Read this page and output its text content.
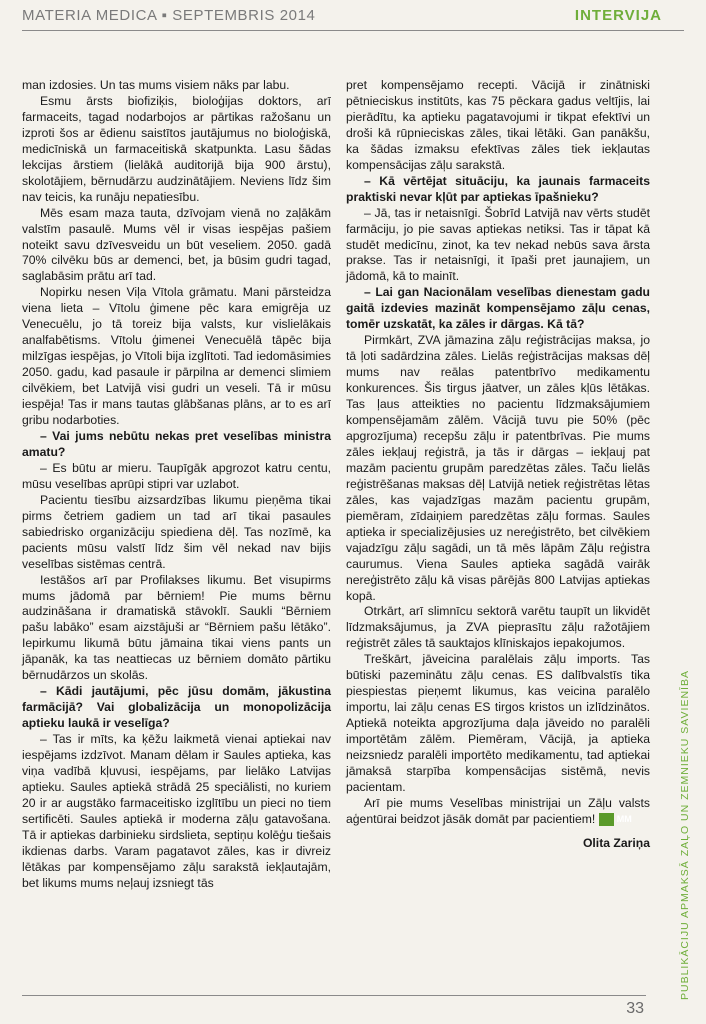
MATERIA MEDICA ▪ SEPTEMBRIS 2014	INTERVIJA

man izdosies. Un tas mums visiem nāks par labu.

Esmu ārsts biofiziķis, bioloģijas doktors, arī farmaceits, tagad nodarbojos ar pārtikas ražošanu un izproti šos ar ēdienu saistītos jautājumus no bioloģiskā, medicīniskā un farmaceitiskā skatpunkta. Lasu šādas lekcijas ārstiem (lielākā auditorijā bija 900 ārstu), skolotājiem, bērnudārzu audzinātājiem. Neviens līdz šim nav teicis, ka runāju nepatiesību.

Mēs esam maza tauta, dzīvojam vienā no zaļākām valstīm pasaulē. Mums vēl ir visas iespējas pašiem noteikt savu dzīvesveidu un būt veseliem. 2050. gadā 70% cilvēku būs ar demenci, bet, ja būsim gudri tagad, saglabāsim prātu arī tad.

Nopirku nesen Viļa Vītola grāmatu. Mani pārsteidza viena lieta – Vītolu ģimene pēc kara emigrēja uz Venecuēlu, jo tā toreiz bija valsts, kur vislielākais analfabētisms. Vītolu ģimenei Venecuēlā tāpēc bija milzīgas iespējas, jo Vītoli bija izglītoti. Tad iedomāsimies 2050. gadu, kad pasaule ir pārpilna ar demenci slimiem cilvēkiem, bet Latvijā visi gudri un veseli. Tā ir mūsu iespēja! Tas ir mans tautas glābšanas plāns, ar to es arī gribu nodarboties.

– Vai jums nebūtu nekas pret veselības ministra amatu?

– Es būtu ar mieru. Taupīgāk apgrozot katru centu, mūsu veselības aprūpi stipri var uzlabot.

Pacientu tiesību aizsardzības likumu pieņēma tikai pirms četriem gadiem un tad arī tikai pasaules sabiedrisko organizāciju spiediena dēļ. Tas nozīmē, ka pacients mūsu valstī līdz šim vēl nekad nav bijis veselības sistēmas centrā.

Iestāšos arī par Profilakses likumu. Bet visupirms mums jādomā par bērniem! Pie mums bērnu audzināšana ir dramatiskā stāvoklī. Saukli “Bērniem pašu labāko” esam aizstājuši ar “Bērniem pašu lētāko”. Iepirkumu likumā būtu jāmaina tikai viens pants un jāpanāk, ka tas neattiecas uz bērniem domāto pārtiku bērnudārzos un skolās.

– Kādi jautājumi, pēc jūsu domām, jākustina farmācijā? Vai globalizācija un monopolizācija aptieku laukā ir veselīga?

– Tas ir mīts, ka ķēžu laikmetā vienai aptiekai nav iespējams izdzīvot. Manam dēlam ir Saules aptieka, kas viņa vadībā kļuvusi, iespējams, par lielāko Latvijas aptieku. Saules aptiekā strādā 25 speciālisti, no kuriem 20 ir ar augstāko farmaceitisko izglītību un pieci no tiem sertificēti. Saules aptiekā ir moderna zāļu gatavošana. Tā ir aptiekas darbinieku sirdslieta, septiņu kolēģu tiešais ikdienas darbs. Varam pagatavot zāles, kas ir divreiz lētākas par kompensējamo zāļu sarakstā iekļautajām, bet likums mums neļauj izsniegt tās

pret kompensējamo recepti. Vācijā ir zinātniski pētnieciskus institūts, kas 75 pēckara gadus veltījis, lai pierādītu, ka aptieku pagatavojumi ir tikpat efektīvi un droši kā rūpnieciskas zāles, tikai lētāki. Gan panākšu, ka šādas izmaksu efektīvas zāles tiek iekļautas kompensācijas zāļu sarakstā.

– Kā vērtējat situāciju, ka jaunais farmaceits praktiski nevar kļūt par aptiekas īpašnieku?

– Jā, tas ir netaisnīgi. Šobrīd Latvijā nav vērts studēt farmāciju, jo pie savas aptiekas netiksi. Tas ir tāpat kā studēt medicīnu, zinot, ka tev nekad nebūs sava ārsta prakse. Tas ir netaisnīgi, it īpaši pret jaunajiem, un jādomā, kā to mainīt.

– Lai gan Nacionālam veselības dienestam gadu gaitā izdevies mazināt kompensējamo zāļu cenas, tomēr uzskatāt, ka zāles ir dārgas. Kā tā?

Pirmkārt, ZVA jāmazina zāļu reģistrācijas maksa, jo tā ļoti sadārdzina zāles. Lielās reģistrācijas maksas dēļ mums nav reālas patentbrīvo medikamentu konkurences. Šis tirgus jāatver, un zāles kļūs lētākas. Tas ļaus atteikties no pacientu līdzmaksājumiem kompensējamām zālēm. Vācijā tuvu pie 50% (pēc apgrozījuma) recepšu zāļu ir patentbrīvas. Pie mums zāles iekļauj reģistrā, ja tās ir dārgas – iekļauj pat mazām pacientu grupām paredzētas zāles. Taču lielās reģistrēšanas maksas dēļ Latvijā netiek reģistrētas lētas zāles, kas vajadzīgas mazām pacientu grupām, piemēram, zīdaiņiem paredzētas zāļu formas. Saules aptieka ir specializējusies uz nereģistrēto, bet cilvēkiem vajadzīgu zāļu sagādi, un tā mēs lāpām Zāļu reģistra caurumus. Viena Saules aptieka sagādā vairāk nereģistrēto zāļu kā visas pārējās 800 Latvijas aptiekas kopā.

Otrkārt, arī slimnīcu sektorā varētu taupīt un likvidēt līdzmaksājumus, ja ZVA pieprasītu zāļu ražotājiem reģistrēt zāles tā sauktajos klīniskajos iepakojumos.

Treškārt, jāveicina paralēlais zāļu imports. Tas būtiski pazeminātu zāļu cenas. ES dalībvalstīs tika piespiestas pieņemt likumus, kas veicina paralēlo importu, lai zāļu cenas ES tirgos kristos un izlīdzinātos. Aptiekā noteikta apgrozījuma daļa jāveido no paralēli importētām zālēm. Piemēram, Vācijā, ja aptieka neizsniedz paralēli importēto medikamentu, tad aptiekai jāmaksā starpība kompensācijas sistēmā, nevis pacientam.

Arī pie mums Veselības ministrijai un Zāļu valsts aģentūrai beidzot jāsāk domāt par pacientiem! MM

Olita Zariņa	PUBLIKĀCIJU APMAKSĀ ZAĻO UN ZEMNIEKU SAVIENĪBA
33
